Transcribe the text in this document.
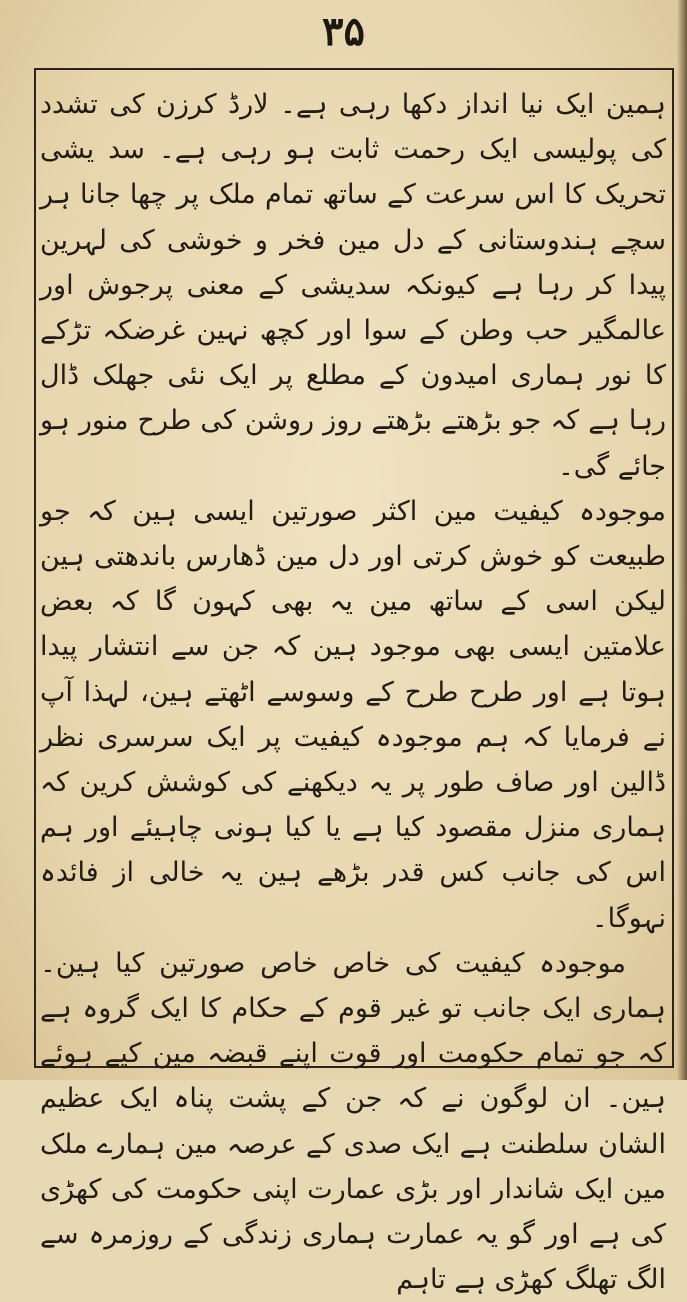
۳۵

ہمین ایک نیا انداز دکھا رہی ہے۔ لارڈ کرزن کی تشدد کی پولیسی ایک رحمت ثابت ہو رہی ہے۔ سد یشی تحریک کا اس سرعت کے ساتھ تمام ملک پر چھا جانا ہر سچے ہندوستانی کے دل مین فخر و خوشی کی لہرین پیدا کر رہا ہے کیونکہ سدیشی کے معنی پرجوش اور عالمگیر حب وطن کے سوا اور کچھ نہین غرضکہ تڑکے کا نور ہماری امیدون کے مطلع پر ایک نئی جھلک ڈال رہا ہے کہ جو بڑھتے بڑھتے روز روشن کی طرح منور ہو جائے گی۔

موجودہ کیفیت مین اکثر صورتین ایسی ہین کہ جو طبیعت کو خوش کرتی اور دل مین ڈھارس باندھتی ہین لیکن اسی کے ساتھ مین یہ بھی کہون گا کہ بعض علامتین ایسی بھی موجود ہین کہ جن سے انتشار پیدا ہوتا ہے اور طرح طرح کے وسوسے اٹھتے ہین، لہذا آپ نے فرمایا کہ ہم موجودہ کیفیت پر ایک سرسری نظر ڈالین اور صاف طور پر یہ دیکھنے کی کوشش کرین کہ ہماری منزل مقصود کیا ہے یا کیا ہونی چاہیئے اور ہم اس کی جانب کس قدر بڑھے ہین یہ خالی از فائدہ نہوگا۔

موجودہ کیفیت کی خاص خاص صورتین کیا ہین۔ ہماری ایک جانب تو غیر قوم کے حکام کا ایک گروہ ہے کہ جو تمام حکومت اور قوت اپنے قبضہ مین کیے ہوئے ہین۔ ان لوگون نے کہ جن کے پشت پناہ ایک عظیم الشان سلطنت ہے ایک صدی کے عرصہ مین ہمارے ملک مین ایک شاندار اور بڑی عمارت اپنی حکومت کی کھڑی کی ہے اور گو یہ عمارت ہماری زندگی کے روزمرہ سے الگ تھلگ کھڑی ہے تاہم
